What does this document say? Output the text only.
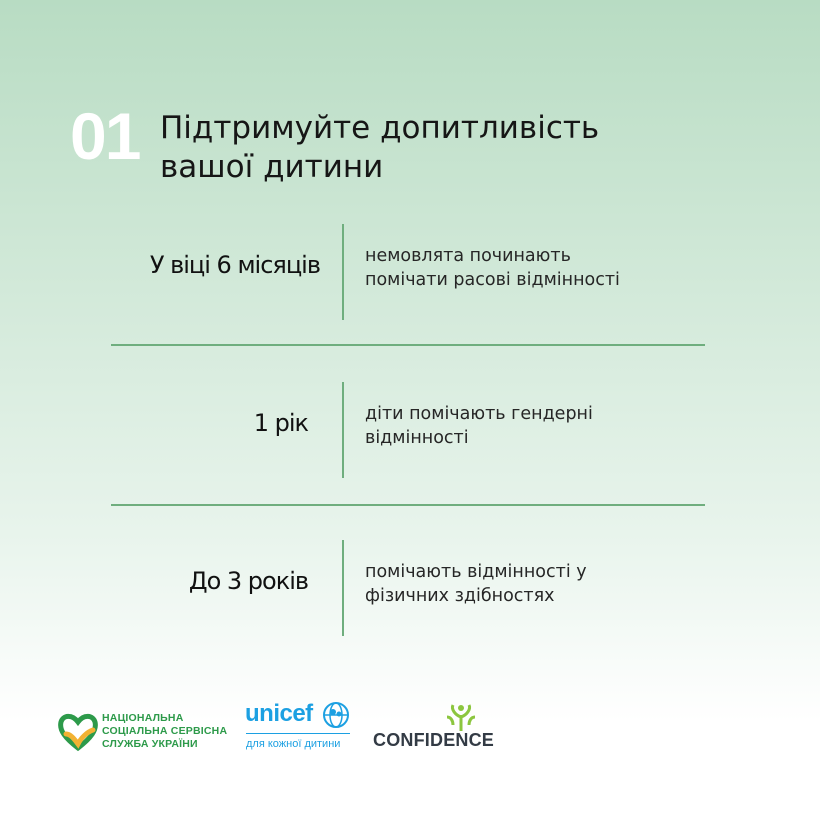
01 Підтримуйте допитливість
вашої дитини
У віці 6 місяців	немовлята починають
помічати расові відмінності
1 рік	діти помічають гендерні
відмінності
До 3 років	помічають відмінності у
фізичних здібностях
НАЦІОНАЛЬНА
СОЦІАЛЬНА СЕРВІСНА
СЛУЖБА УКРАЇНИ
unicef
для кожної дитини CONFIDENCE
